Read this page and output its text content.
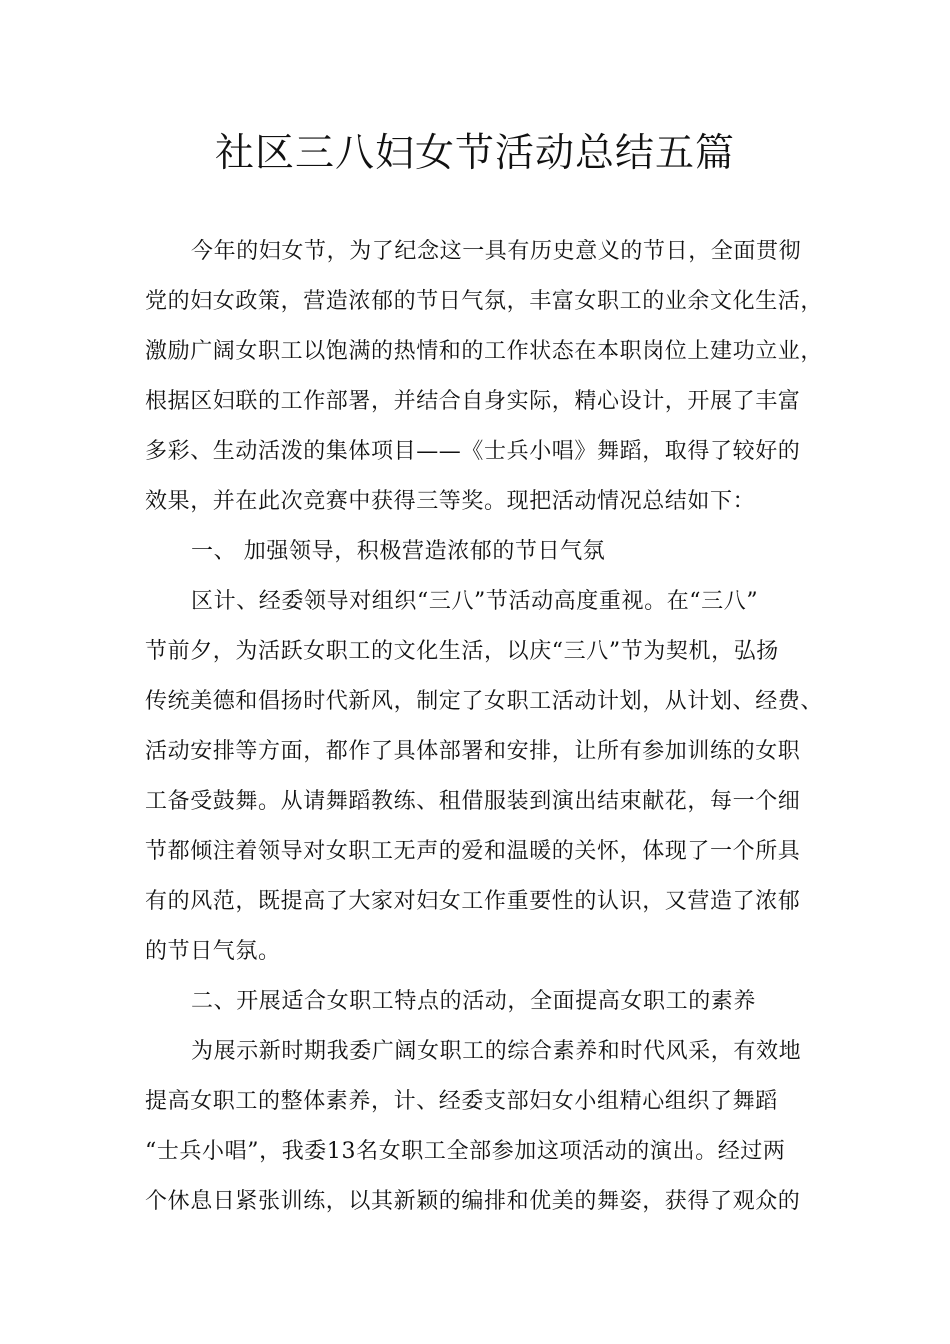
社区三八妇女节活动总结五篇
今年的妇女节，为了纪念这一具有历史意义的节日，全面贯彻
党的妇女政策，营造浓郁的节日气氛，丰富女职工的业余文化生活，
激励广阔女职工以饱满的热情和的工作状态在本职岗位上建功立业，
根据区妇联的工作部署，并结合自身实际，精心设计，开展了丰富
多彩、生动活泼的集体项目——《士兵小唱》舞蹈，取得了较好的
效果，并在此次竞赛中获得三等奖。现把活动情况总结如下：
一、 加强领导，积极营造浓郁的节日气氛
区计、经委领导对组织“三八”节活动高度重视。在“三八”
节前夕，为活跃女职工的文化生活，以庆“三八”节为契机，弘扬
传统美德和倡扬时代新风，制定了女职工活动计划，从计划、经费、
活动安排等方面，都作了具体部署和安排，让所有参加训练的女职
工备受鼓舞。从请舞蹈教练、租借服装到演出结束献花，每一个细
节都倾注着领导对女职工无声的爱和温暖的关怀，体现了一个所具
有的风范，既提高了大家对妇女工作重要性的认识，又营造了浓郁
的节日气氛。
二、开展适合女职工特点的活动，全面提高女职工的素养
为展示新时期我委广阔女职工的综合素养和时代风采，有效地
提高女职工的整体素养，计、经委支部妇女小组精心组织了舞蹈
“士兵小唱”，我委13名女职工全部参加这项活动的演出。经过两
个休息日紧张训练，以其新颖的编排和优美的舞姿，获得了观众的
